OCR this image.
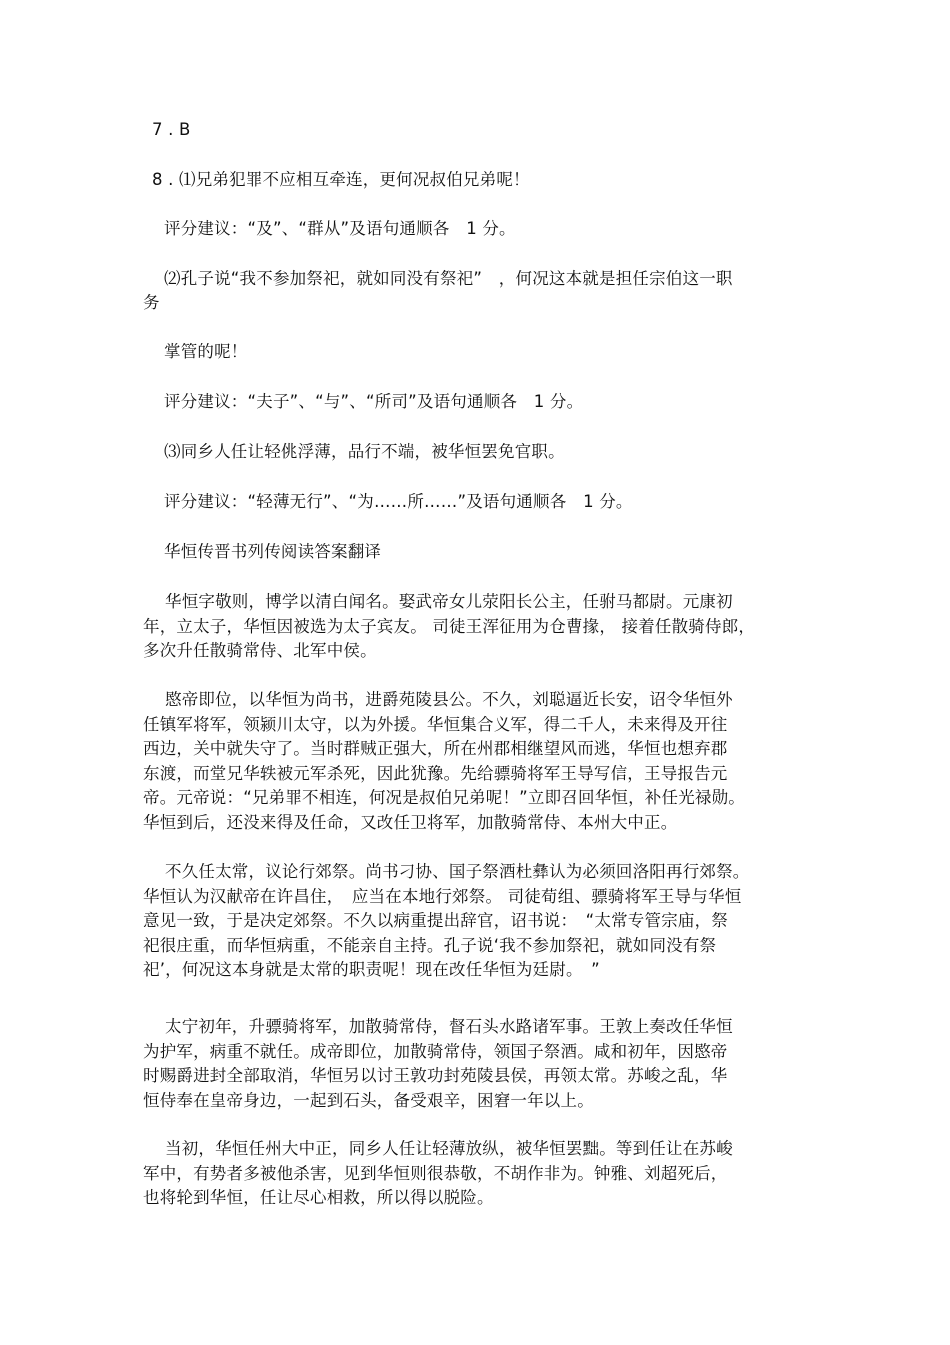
7 . B
8 . ⑴兄弟犯罪不应相互牵连，更何况叔伯兄弟呢！
评分建议：“及”、“群从”及语句通顺各　1 分。
⑵孔子说“我不参加祭祀，就如同没有祭祀”　，何况这本就是担任宗伯这一职
务
掌管的呢！
评分建议：“夫子”、“与”、“所司”及语句通顺各　1 分。
⑶同乡人任让轻佻浮薄，品行不端，被华恒罢免官职。
评分建议：“轻薄无行”、“为……所……”及语句通顺各　1 分。
华恒传晋书列传阅读答案翻译
华恒字敬则，博学以清白闻名。娶武帝女儿荥阳长公主，任驸马都尉。元康初
年，立太子，华恒因被选为太子宾友。 司徒王浑征用为仓曹掾， 接着任散骑侍郎，
多次升任散骑常侍、北军中侯。
愍帝即位，以华恒为尚书，进爵苑陵县公。不久，刘聪逼近长安，诏令华恒外
任镇军将军，领颍川太守，以为外援。华恒集合义军，得二千人，未来得及开往
西边，关中就失守了。当时群贼正强大，所在州郡相继望风而逃，华恒也想弃郡
东渡，而堂兄华轶被元军杀死，因此犹豫。先给骠骑将军王导写信，王导报告元
帝。元帝说：“兄弟罪不相连，何况是叔伯兄弟呢！”立即召回华恒，补任光禄勋。
华恒到后，还没来得及任命，又改任卫将军，加散骑常侍、本州大中正。
不久任太常，议论行郊祭。尚书刁协、国子祭酒杜彝认为必须回洛阳再行郊祭。
华恒认为汉献帝在许昌住，　应当在本地行郊祭。 司徒荀组、骠骑将军王导与华恒
意见一致，于是决定郊祭。不久以病重提出辞官，诏书说：　“太常专管宗庙，祭
祀很庄重，而华恒病重，不能亲自主持。孔子说‘我不参加祭祀，就如同没有祭
祀’，何况这本身就是太常的职责呢！现在改任华恒为廷尉。　”
太宁初年，升骠骑将军，加散骑常侍，督石头水路诸军事。王敦上奏改任华恒
为护军，病重不就任。成帝即位，加散骑常侍，领国子祭酒。咸和初年，因愍帝
时赐爵进封全部取消，华恒另以讨王敦功封苑陵县侯，再领太常。苏峻之乱，华
恒侍奉在皇帝身边，一起到石头，备受艰辛，困窘一年以上。
当初，华恒任州大中正，同乡人任让轻薄放纵，被华恒罢黜。等到任让在苏峻
军中，有势者多被他杀害，见到华恒则很恭敬，不胡作非为。钟雅、刘超死后，
也将轮到华恒，任让尽心相救，所以得以脱险。
